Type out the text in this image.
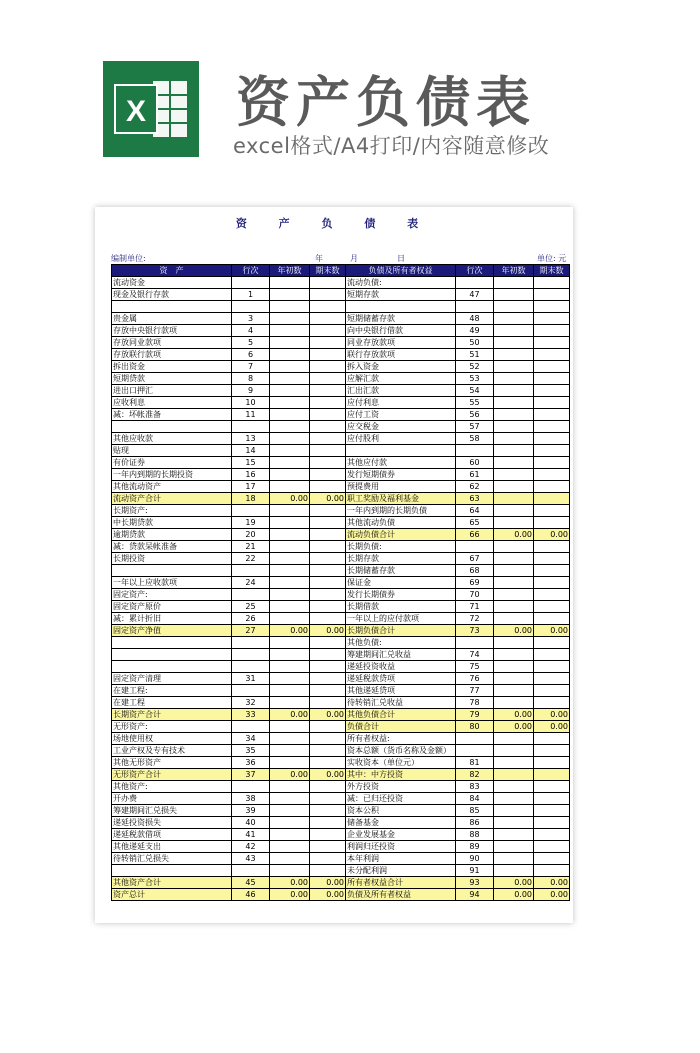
X 资产负债表
excel格式/A4打印/内容随意修改
资 产 负 债 表
编制单位:	年	月	日	单位: 元
资　产	行次	年初数	期末数	负债及所有者权益	行次	年初数	期末数
流动资金				流动负债:			
现金及银行存款	1			短期存款	47		

贵金属	3			短期储蓄存款	48		
存放中央银行款项	4			向中央银行借款	49		
存放同业款项	5			同业存放款项	50		
存放联行款项	6			联行存放款项	51		
拆出资金	7			拆入资金	52		
短期贷款	8			应解汇款	53		
进出口押汇	9			汇出汇款	54		
应收利息	10			应付利息	55		
减：坏帐准备	11			应付工资	56		
				应交税金	57		
其他应收款	13			应付股利	58		
贴现	14						
有价证券	15			其他应付款	60		
一年内到期的长期投资	16			发行短期债券	61		
其他流动资产	17			预提费用	62		
流动资产合计	18	0.00	0.00	职工奖励及福利基金	63		
长期资产:				一年内到期的长期负债	64		
中长期贷款	19			其他流动负债	65		
逾期贷款	20			流动负债合计	66	0.00	0.00
减：贷款呆帐准备	21			长期负债:			
长期投资	22			长期存款	67		
				长期储蓄存款	68		
一年以上应收款项	24			保证金	69		
固定资产:				发行长期债券	70		
固定资产原价	25			长期借款	71		
减：累计折旧	26			一年以上的应付款项	72		
固定资产净值	27	0.00	0.00	长期负债合计	73	0.00	0.00
				其他负债:			
				筹建期间汇兑收益	74		
				递延投资收益	75		
固定资产清理	31			递延税款贷项	76		
在建工程:				其他递延贷项	77		
在建工程	32			待转销汇兑收益	78		
长期资产合计	33	0.00	0.00	其他负债合计	79	0.00	0.00
无形资产:				负债合计	80	0.00	0.00
场地使用权	34			所有者权益:			
工业产权及专有技术	35			资本总额（货币名称及金额）			
其他无形资产	36			实收资本（单位元）	81		
无形资产合计	37	0.00	0.00	其中：中方投资	82		
其他资产:				外方投资	83		
开办费	38			减：已归还投资	84		
筹建期间汇兑损失	39			资本公积	85		
递延投资损失	40			储备基金	86		
递延税款借项	41			企业发展基金	88		
其他递延支出	42			利润归还投资	89		
待转销汇兑损失	43			本年利润	90		
				未分配利润	91		
其他资产合计	45	0.00	0.00	所有者权益合计	93	0.00	0.00
资产总计	46	0.00	0.00	负债及所有者权益	94	0.00	0.00
